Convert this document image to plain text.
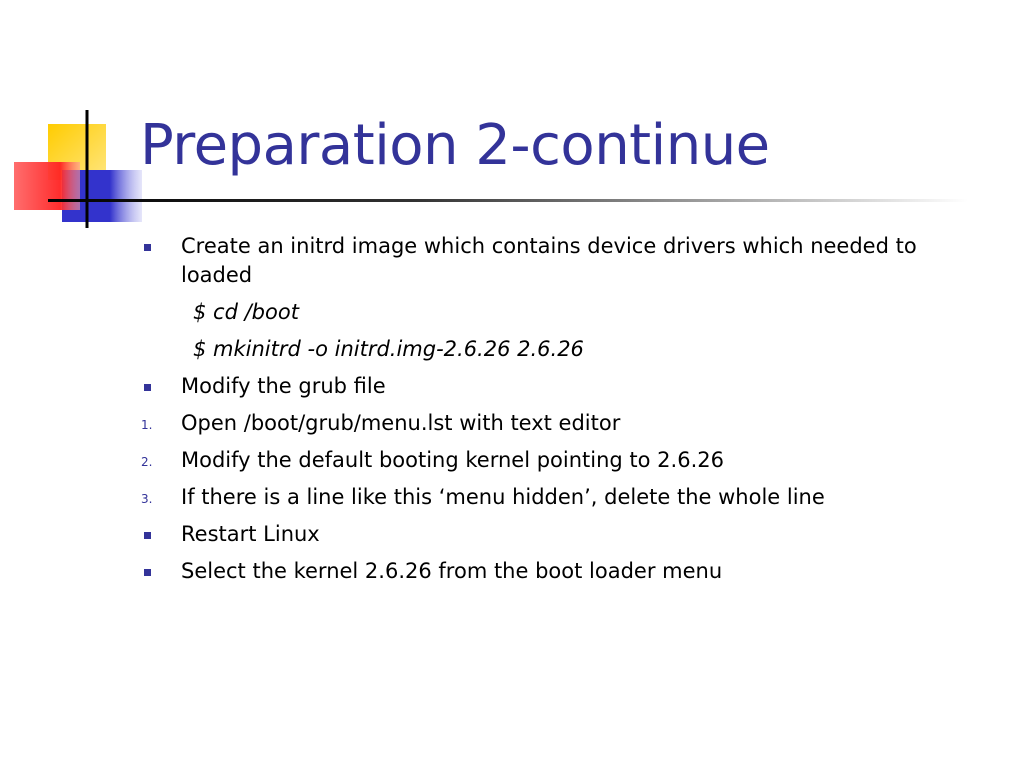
Preparation 2-continue
Create an initrd image which contains device drivers which needed to loaded
$ cd /boot
$ mkinitrd -o initrd.img-2.6.26 2.6.26
Modify the grub file
1. Open /boot/grub/menu.lst with text editor
2. Modify the default booting kernel pointing to 2.6.26
3. If there is a line like this ‘menu hidden’, delete the whole line
Restart Linux
Select the kernel 2.6.26 from the boot loader menu
